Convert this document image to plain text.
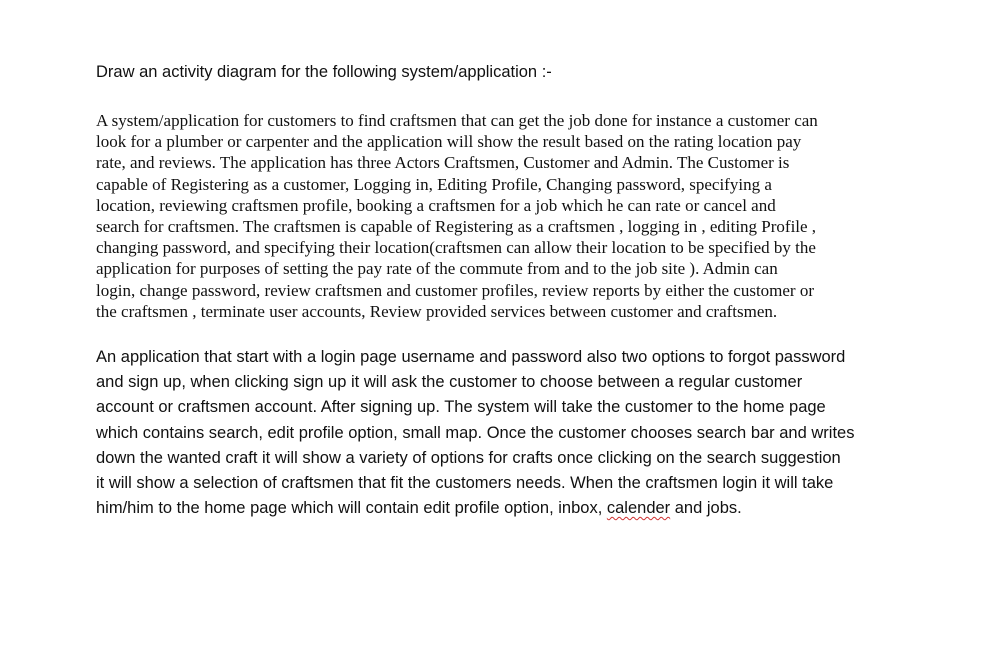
Draw an activity diagram for the following system/application :-
A system/application for customers to find craftsmen that can get the job done for instance a customer can
look for a plumber or carpenter and the application will show the result based on the rating location pay
rate, and reviews. The application has three Actors Craftsmen, Customer and Admin. The Customer is
capable of Registering as a customer, Logging in, Editing Profile, Changing password, specifying a
location, reviewing craftsmen profile, booking a craftsmen for a job which he can rate or cancel and
search for craftsmen. The craftsmen is capable of Registering as a craftsmen , logging in , editing Profile ,
changing password, and specifying their location(craftsmen can allow their location to be specified by the
application for purposes of setting the pay rate of the commute from and to the job site ). Admin can
login, change password, review craftsmen and customer profiles, review reports by either the customer or
the craftsmen , terminate user accounts, Review provided services between customer and craftsmen.
An application that start with a login page username and password also two options to forgot password
and sign up, when clicking sign up it will ask the customer to choose between a regular customer
account or craftsmen account. After signing up. The system will take the customer to the home page
which contains search, edit profile option, small map. Once the customer chooses search bar and writes
down the wanted craft it will show a variety of options for crafts once clicking on the search suggestion
it will show a selection of craftsmen that fit the customers needs. When the craftsmen login it will take
him/him to the home page which will contain edit profile option, inbox, calender and jobs.
